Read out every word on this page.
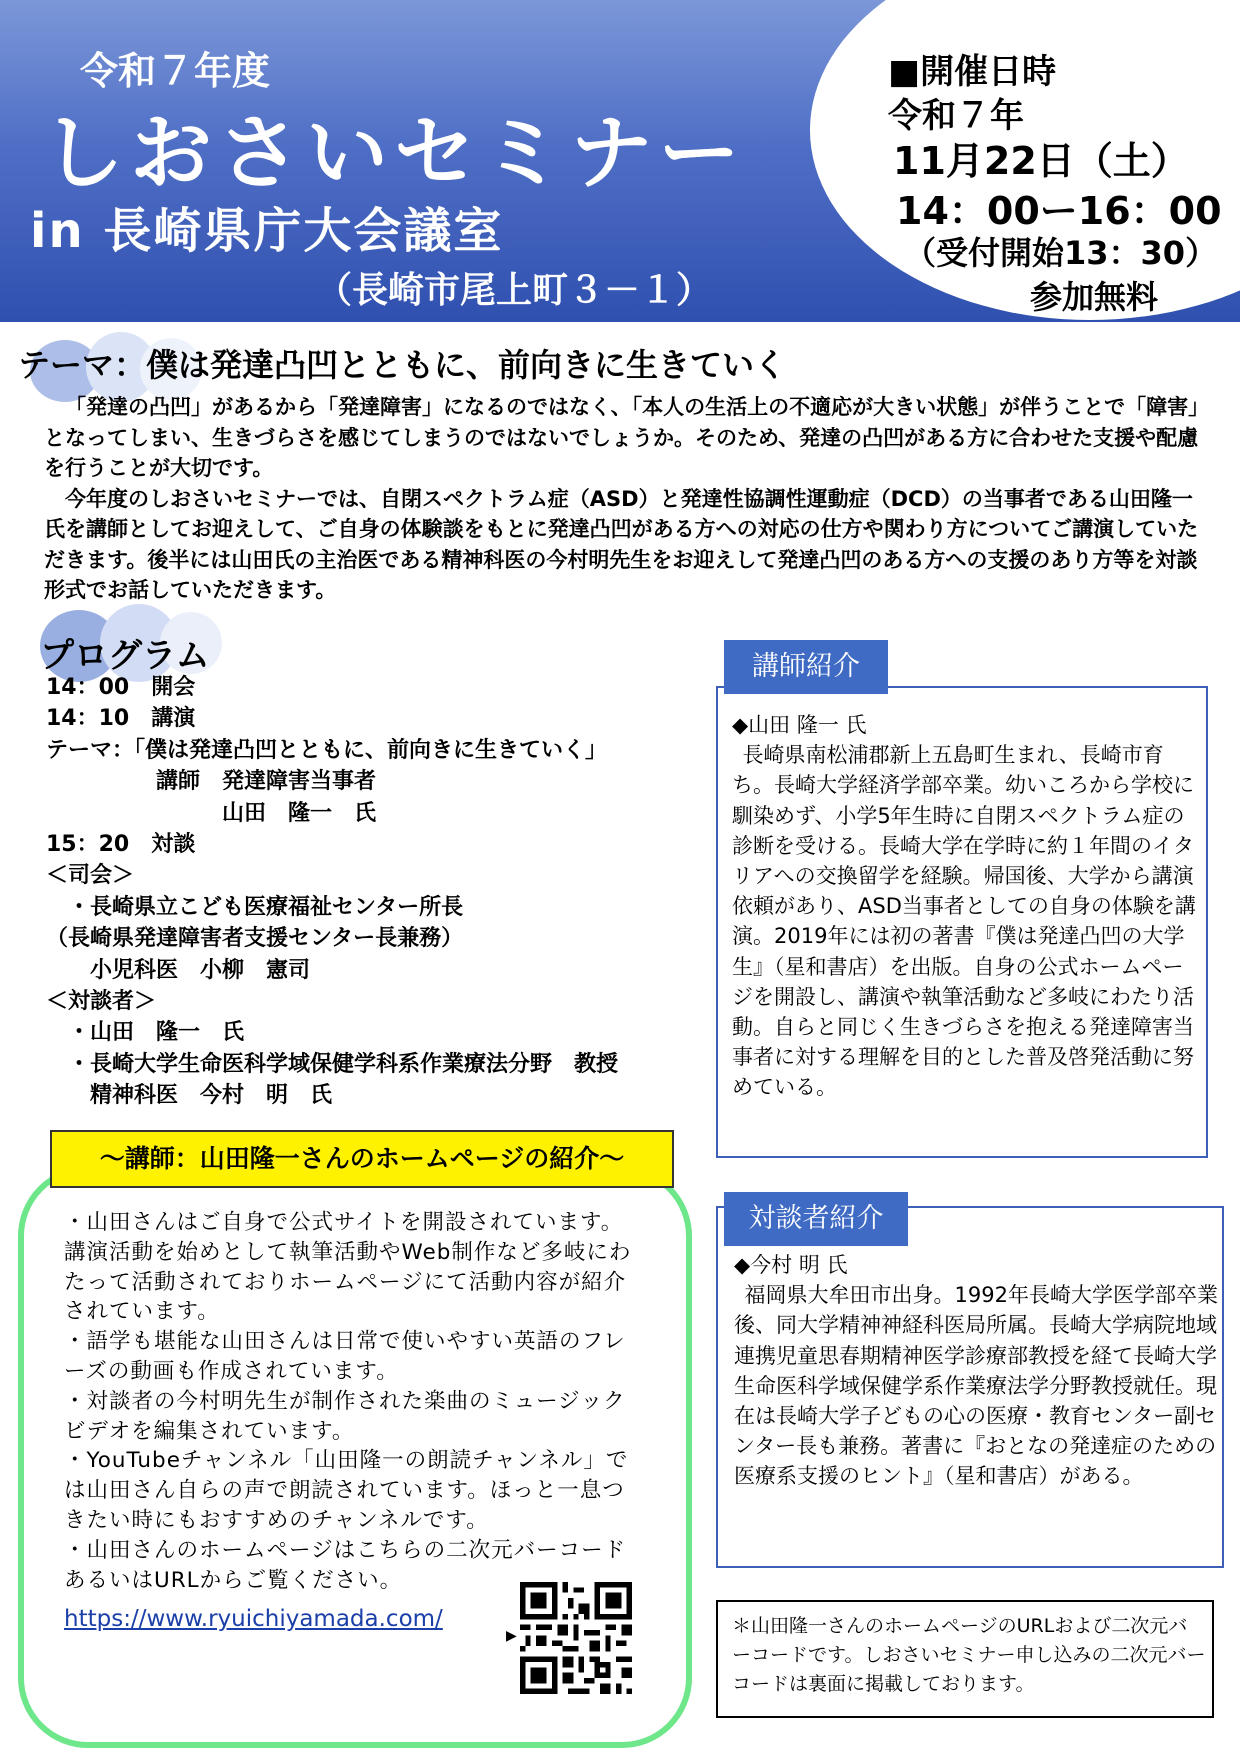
令和７年度
しおさいセミナー
in 長崎県庁大会議室
（長崎市尾上町３－１）
■開催日時
令和７年
11月22日（土）
14：00ー16：00
（受付開始13：30）
参加無料
テーマ：僕は発達凸凹とともに、前向きに生きていく

「発達の凸凹」があるから「発達障害」になるのではなく、「本人の生活上の不適応が大きい状態」が伴うことで「障害」となってしまい、生きづらさを感じてしまうのではないでしょうか。そのため、発達の凸凹がある方に合わせた支援や配慮を行うことが大切です。

今年度のしおさいセミナーでは、自閉スペクトラム症（ASD）と発達性協調性運動症（DCD）の当事者である山田隆一氏を講師としてお迎えして、ご自身の体験談をもとに発達凸凹がある方への対応の仕方や関わり方についてご講演していただきます。後半には山田氏の主治医である精神科医の今村明先生をお迎えして発達凸凹のある方への支援のあり方等を対談形式でお話していただきます。

プログラム
14：00　開会
14：10　講演
テーマ：「僕は発達凸凹とともに、前向きに生きていく」
　　　　　講師　発達障害当事者
　　　　　　　　山田　隆一　氏
15：20　対談
＜司会＞
　・長崎県立こども医療福祉センター所長
（長崎県発達障害者支援センター長兼務）
　　小児科医　小柳　憲司
＜対談者＞
　・山田　隆一　氏
　・長崎大学生命医科学域保健学科系作業療法分野　教授
　　精神科医　今村　明　氏
講師紹介
◆山田 隆一 氏
長崎県南松浦郡新上五島町生まれ、長崎市育ち。長崎大学経済学部卒業。幼いころから学校に馴染めず、小学5年生時に自閉スペクトラム症の診断を受ける。長崎大学在学時に約１年間のイタリアへの交換留学を経験。帰国後、大学から講演依頼があり、ASD当事者としての自身の体験を講演。2019年には初の著書『僕は発達凸凹の大学生』（星和書店）を出版。自身の公式ホームページを開設し、講演や執筆活動など多岐にわたり活動。自らと同じく生きづらさを抱える発達障害当事者に対する理解を目的とした普及啓発活動に努めている。
対談者紹介
◆今村 明 氏
福岡県大牟田市出身。1992年長崎大学医学部卒業後、同大学精神神経科医局所属。長崎大学病院地域連携児童思春期精神医学診療部教授を経て長崎大学生命医科学域保健学系作業療法学分野教授就任。現在は長崎大学子どもの心の医療・教育センター副センター長も兼務。著書に『おとなの発達症のための医療系支援のヒント』（星和書店）がある。
＊山田隆一さんのホームページのURLおよび二次元バーコードです。しおさいセミナー申し込みの二次元バーコードは裏面に掲載しております。
～講師：山田隆一さんのホームページの紹介～
・山田さんはご自身で公式サイトを開設されています。講演活動を始めとして執筆活動やWeb制作など多岐にわたって活動されておりホームページにて活動内容が紹介されています。
・語学も堪能な山田さんは日常で使いやすい英語のフレーズの動画も作成されています。
・対談者の今村明先生が制作された楽曲のミュージックビデオを編集されています。
・YouTubeチャンネル「山田隆一の朗読チャンネル」では山田さん自らの声で朗読されています。ほっと一息つきたい時にもおすすめのチャンネルです。
・山田さんのホームページはこちらの二次元バーコードあるいはURLからご覧ください。
https://www.ryuichiyamada.com/
▶
